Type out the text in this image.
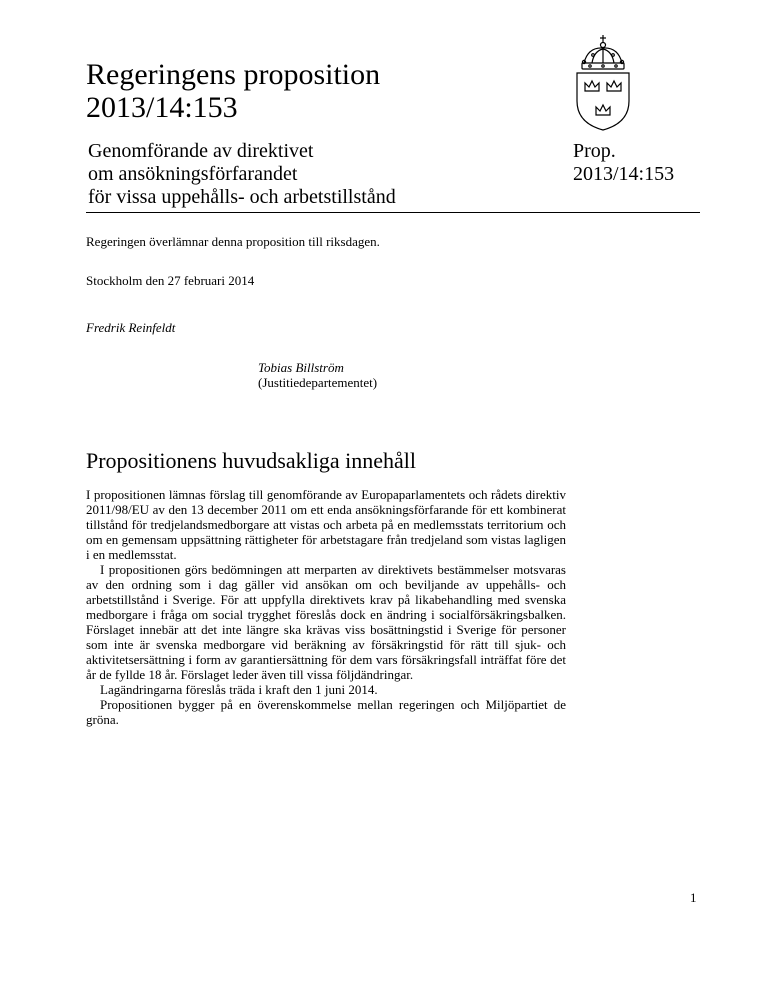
Regeringens proposition
2013/14:153
Genomförande av direktivet
om ansökningsförfarandet
för vissa uppehålls- och arbetstillstånd
Prop.
2013/14:153
Regeringen överlämnar denna proposition till riksdagen.
Stockholm den 27 februari 2014
Fredrik Reinfeldt
Tobias Billström
(Justitiedepartementet)
Propositionens huvudsakliga innehåll

I propositionen lämnas förslag till genomförande av Europaparlamentets och rådets direktiv 2011/98/EU av den 13 december 2011 om ett enda ansökningsförfarande för ett kombinerat tillstånd för tredjelandsmedborgare att vistas och arbeta på en medlemsstats territorium och om en gemensam uppsättning rättigheter för arbetstagare från tredjeland som vistas lagligen i en medlemsstat.

I propositionen görs bedömningen att merparten av direktivets bestämmelser motsvaras av den ordning som i dag gäller vid ansökan om och beviljande av uppehålls- och arbetstillstånd i Sverige. För att uppfylla direktivets krav på likabehandling med svenska medborgare i fråga om social trygghet föreslås dock en ändring i socialförsäkringsbalken. Förslaget innebär att det inte längre ska krävas viss bosättningstid i Sverige för personer som inte är svenska medborgare vid beräkning av försäkringstid för rätt till sjuk- och aktivitetsersättning i form av garantiersättning för dem vars försäkringsfall inträffat före det år de fyllde 18 år. Förslaget leder även till vissa följdändringar.

Lagändringarna föreslås träda i kraft den 1 juni 2014.

Propositionen bygger på en överenskommelse mellan regeringen och Miljöpartiet de gröna.

1
